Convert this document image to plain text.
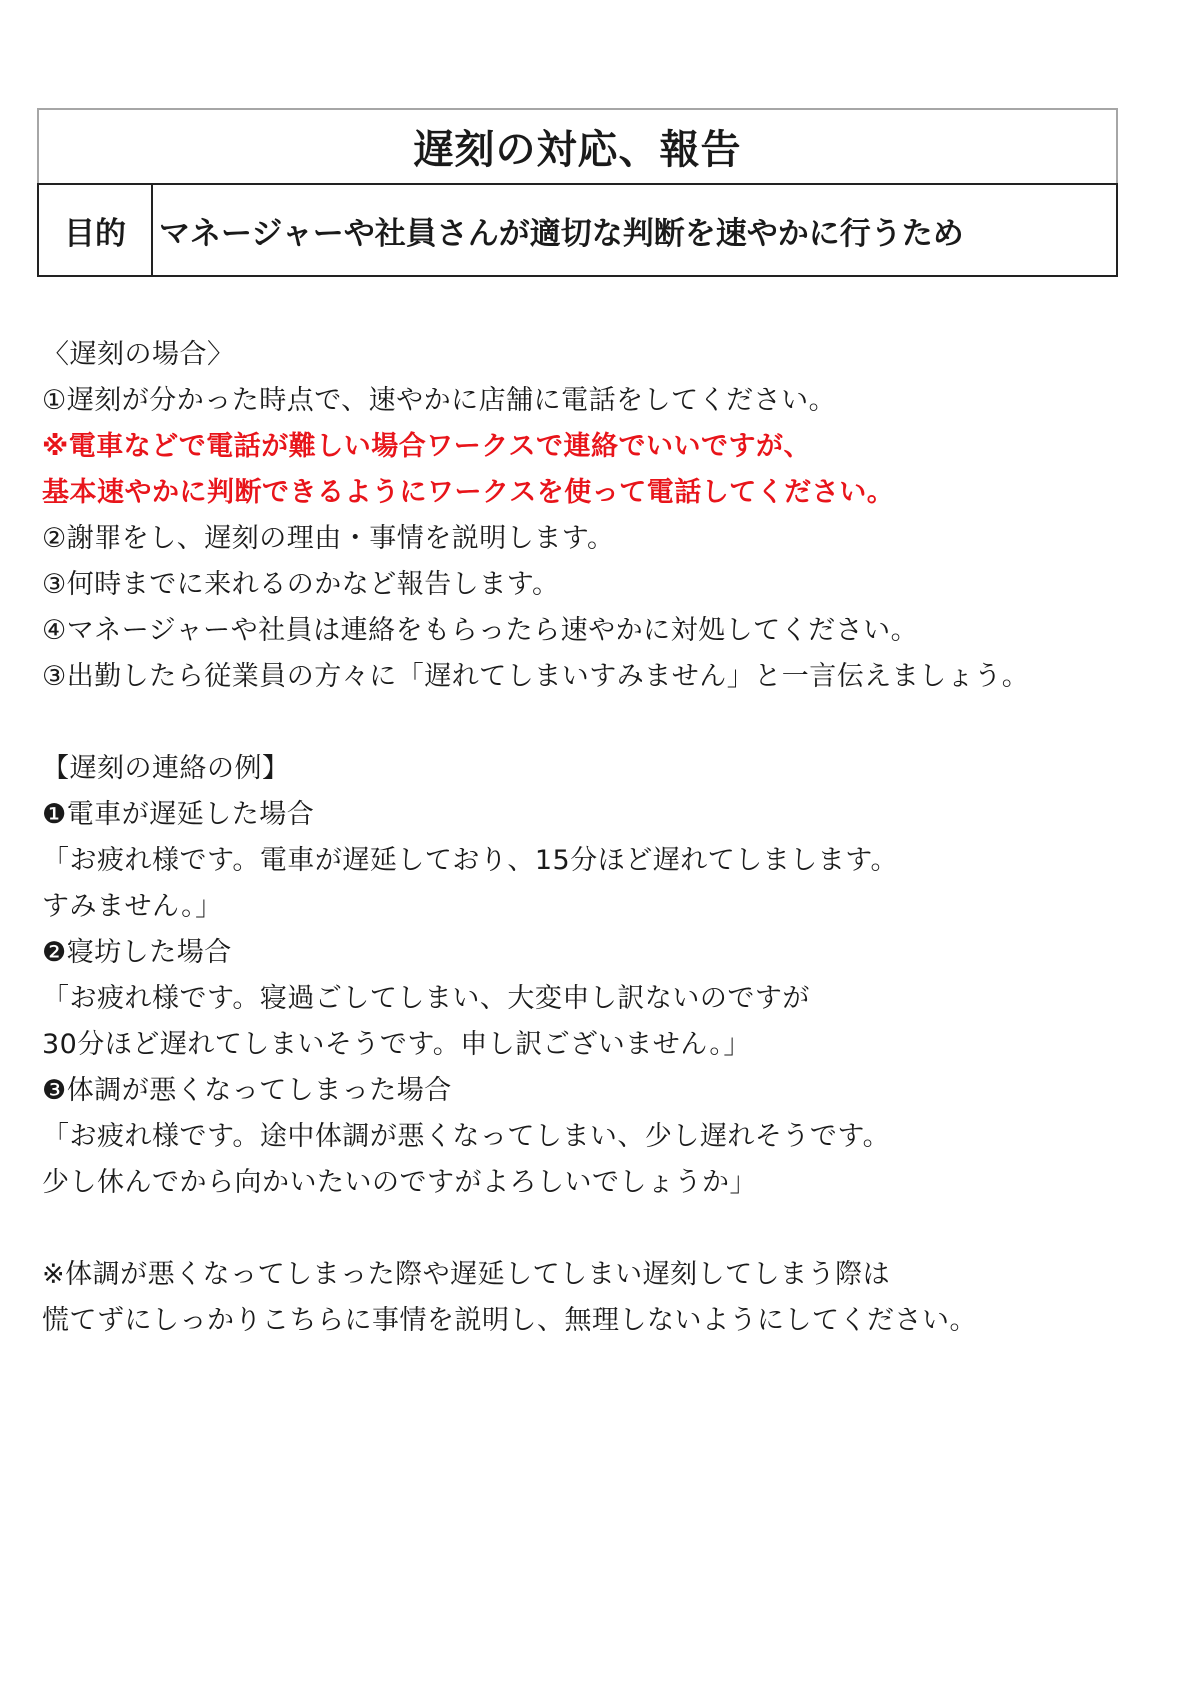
遅刻の対応、報告
目的	マネージャーや社員さんが適切な判断を速やかに行うため
〈遅刻の場合〉
①遅刻が分かった時点で、速やかに店舗に電話をしてください。
※電車などで電話が難しい場合ワークスで連絡でいいですが、
基本速やかに判断できるようにワークスを使って電話してください。
②謝罪をし、遅刻の理由・事情を説明します。
③何時までに来れるのかなど報告します。
④マネージャーや社員は連絡をもらったら速やかに対処してください。
③出勤したら従業員の方々に「遅れてしまいすみません」と一言伝えましょう。
【遅刻の連絡の例】
❶電車が遅延した場合
「お疲れ様です。電車が遅延しており、15分ほど遅れてしまします。
すみません。」
❷寝坊した場合
「お疲れ様です。寝過ごしてしまい、大変申し訳ないのですが
30分ほど遅れてしまいそうです。申し訳ございません。」
❸体調が悪くなってしまった場合
「お疲れ様です。途中体調が悪くなってしまい、少し遅れそうです。
少し休んでから向かいたいのですがよろしいでしょうか」
※体調が悪くなってしまった際や遅延してしまい遅刻してしまう際は
慌てずにしっかりこちらに事情を説明し、無理しないようにしてください。
